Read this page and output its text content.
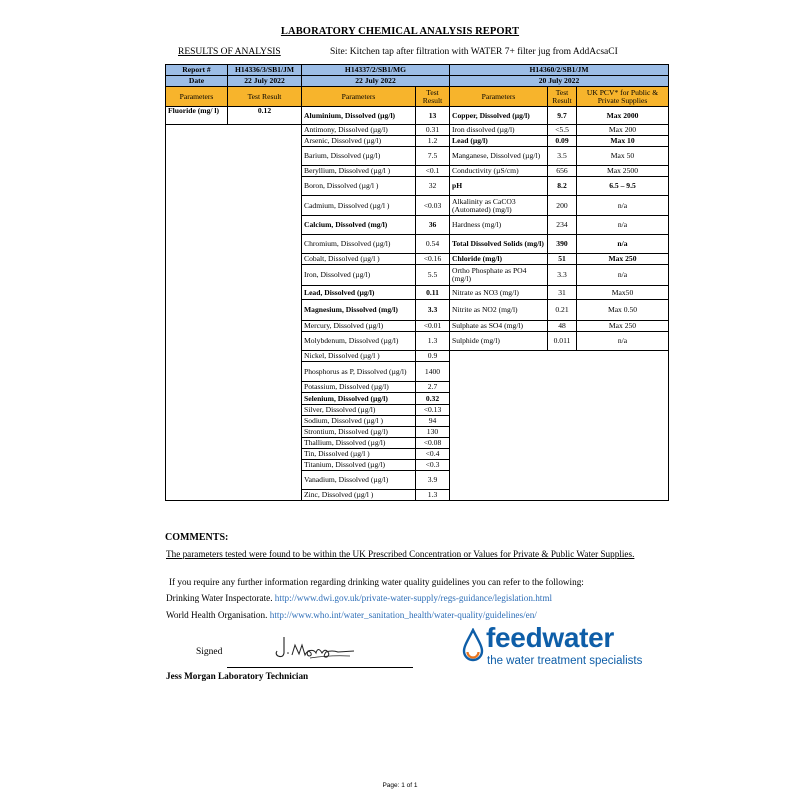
LABORATORY CHEMICAL ANALYSIS REPORT
RESULTS OF ANALYSIS	Site: Kitchen tap after filtration with WATER 7+ filter jug from AddAcsaCI
Report #	H14336/3/SB1/JM	H14337/2/SB1/MG		H14360/2/SB1/JM		
Date	22 July 2022	22 July 2022		20 July 2022		
Parameters	Test Result	Parameters	Test Result	Parameters	Test Result	UK PCV* for Public & Private Supplies
Fluoride (mg/ l)	0.12	Aluminium, Dissolved (µg/l)	13	Copper, Dissolved (µg/l)	9.7	Max 2000
		Antimony, Dissolved (µg/l)	0.31	Iron dissolved (µg/l)	<5.5	Max 200
		Arsenic, Dissolved (µg/l)	1.2	Lead (µg/l)	0.09	Max 10
		Barium, Dissolved (µg/l)	7.5	Manganese, Dissolved (µg/l)	3.5	Max 50
		Beryllium, Dissolved (µg/l )	<0.1	Conductivity (µS/cm)	656	Max 2500
		Boron, Dissolved (µg/l )	32	pH	8.2	6.5 – 9.5
		Cadmium, Dissolved (µg/l )	<0.03	Alkalinity as CaCO3 (Automated) (mg/l)	200	n/a
		Calcium, Dissolved (mg/l)	36	Hardness (mg/l)	234	n/a
		Chromium, Dissolved (µg/l)	0.54	Total Dissolved Solids (mg/l)	390	n/a
		Cobalt, Dissolved (µg/l )	<0.16	Chloride (mg/l)	51	Max 250
		Iron, Dissolved (µg/l)	5.5	Ortho Phosphate as PO4 (mg/l)	3.3	n/a
		Lead, Dissolved (µg/l)	0.11	Nitrate as NO3 (mg/l)	31	Max50
		Magnesium, Dissolved (mg/l)	3.3	Nitrite as NO2 (mg/l)	0.21	Max 0.50
		Mercury, Dissolved (µg/l)	<0.01	Sulphate as SO4 (mg/l)	48	Max 250
		Molybdenum, Dissolved (µg/l)	1.3	Sulphide (mg/l)	0.011	n/a
		Nickel, Dissolved (µg/l )	0.9			
		Phosphorus as P, Dissolved (µg/l)	1400			
		Potassium, Dissolved (µg/l)	2.7			
		Selenium, Dissolved (µg/l)	0.32			
		Silver, Dissolved (µg/l)	<0.13			
		Sodium, Dissolved (µg/l )	94			
		Strontium, Dissolved (µg/l)	130			
		Thallium, Dissolved (µg/l)	<0.08			
		Tin, Dissolved (µg/l )	<0.4			
		Titanium, Dissolved (µg/l)	<0.3			
		Vanadium, Dissolved (µg/l)	3.9			
		Zinc, Dissolved (µg/l )	1.3			
COMMENTS:
The parameters tested were found to be within the UK Prescribed Concentration or Values for Private & Public Water Supplies.
If you require any further information regarding drinking water quality guidelines you can refer to the following:
Drinking Water Inspectorate. http://www.dwi.gov.uk/private-water-supply/regs-guidance/legislation.html
World Health Organisation. http://www.who.int/water_sanitation_health/water-quality/guidelines/en/
Signed
Jess Morgan Laboratory Technician
feedwater
the water treatment specialists
Page: 1 of 1
